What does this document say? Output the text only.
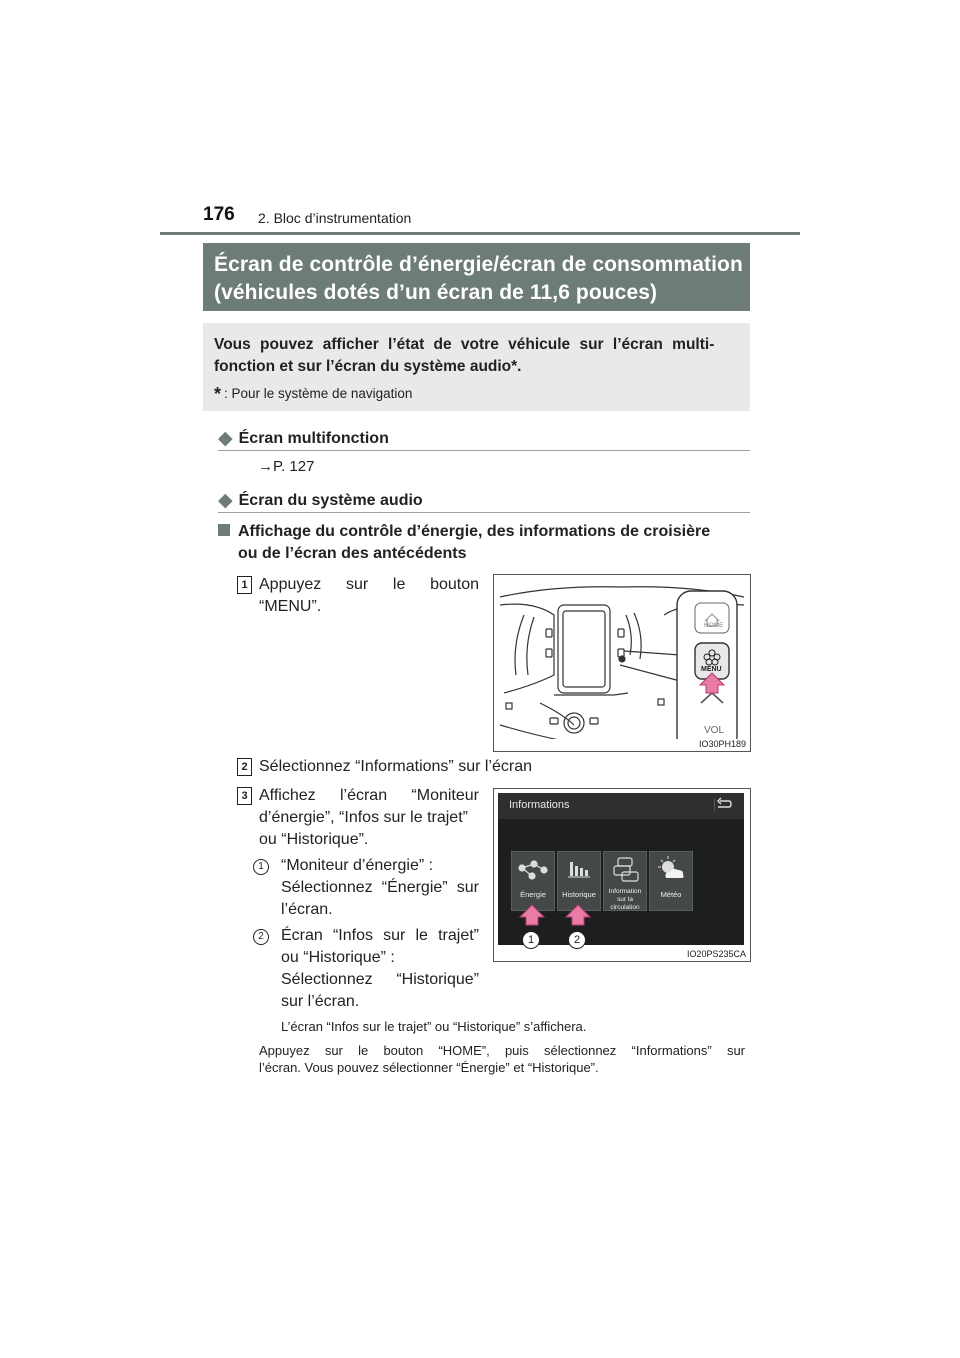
176 2. Bloc d’instrumentation
Écran de contrôle d’énergie/écran de consommation
(véhicules dotés d’un écran de 11,6 pouces)
Vous pouvez afficher l’état de votre véhicule sur l’écran multi-
fonction et sur l’écran du système audio*.
* : Pour le système de navigation
◆ Écran multifonction
→P. 127
◆ Écran du système audio
Affichage du contrôle d’énergie, des informations de croisière
ou de l’écran des antécédents
1 Appuyez sur le bouton
“MENU”.
HOME
MENU
VOL
IO30PH189
2 Sélectionnez “Informations” sur l’écran
3 Affichez l’écran “Moniteur
d’énergie”, “Infos sur le trajet”
ou “Historique”.
1	“Moniteur d’énergie” :
Sélectionnez “Énergie” sur
l’écran.
2	Écran “Infos sur le trajet”
ou “Historique” :
Sélectionnez “Historique”
sur l’écran.
Informations
Énergie	Historique	Information sur la circulation
Météo
1	2
IO20PS235CA
L’écran “Infos sur le trajet” ou “Historique” s’affichera.
Appuyez sur le bouton “HOME”, puis sélectionnez “Informations” sur
l’écran. Vous pouvez sélectionner “Énergie” et “Historique”.
